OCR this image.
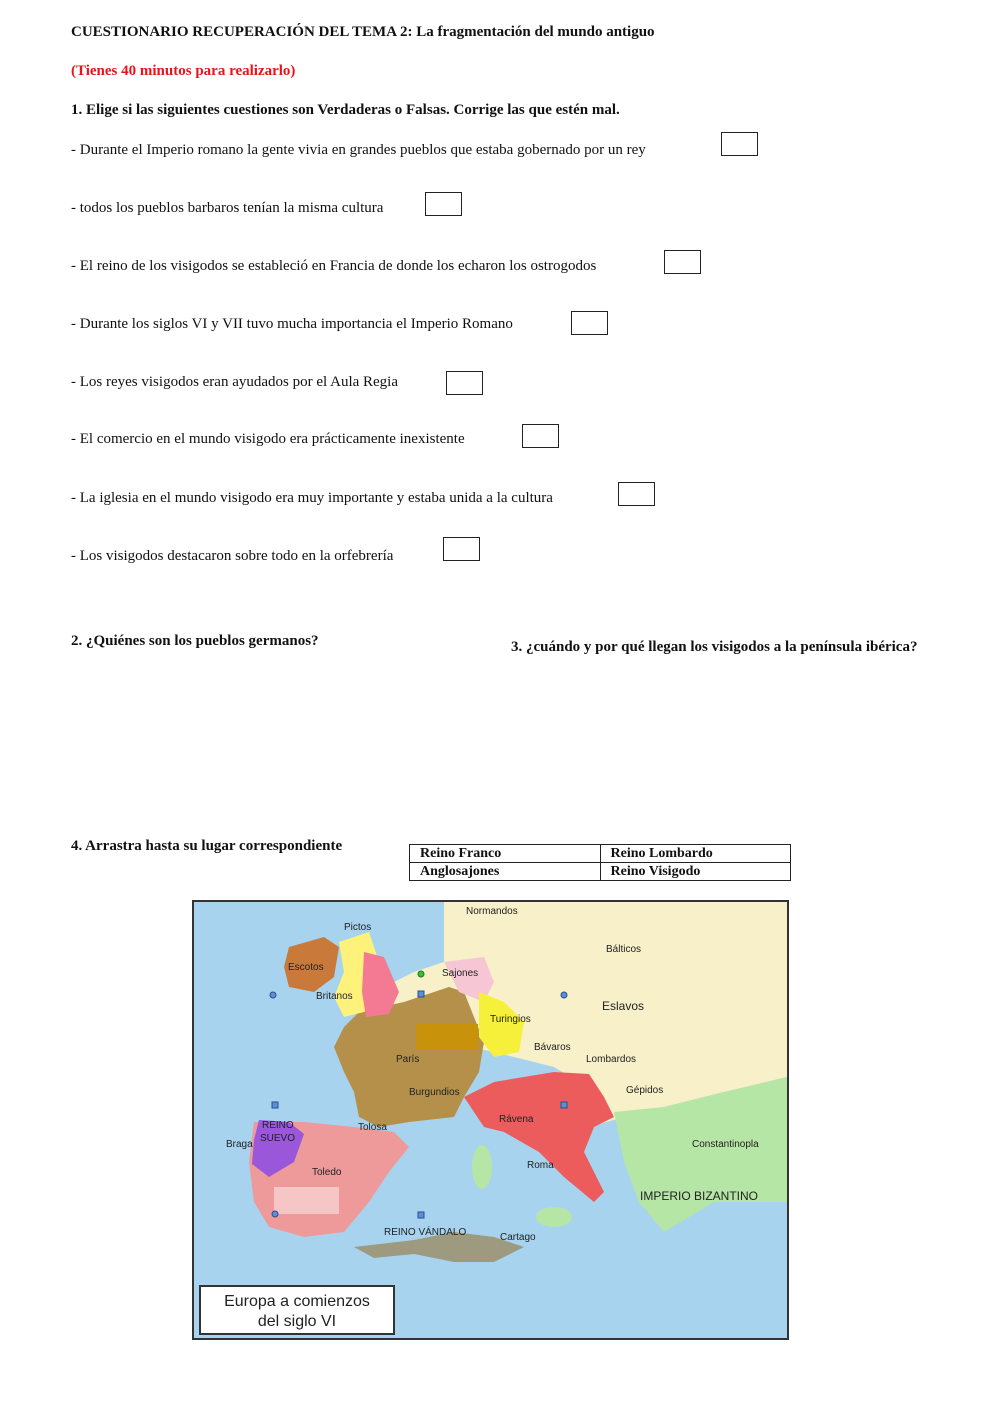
CUESTIONARIO RECUPERACIÓN DEL TEMA 2: La fragmentación del mundo antiguo
(Tienes 40 minutos para realizarlo)
1. Elige si las siguientes cuestiones son Verdaderas o Falsas. Corrige las que estén mal.
- Durante el Imperio romano la gente vivia en grandes pueblos que estaba gobernado por un rey
- todos los pueblos barbaros tenían la misma cultura
- El reino de los visigodos se estableció en Francia de donde los echaron los ostrogodos
- Durante los siglos VI y VII tuvo mucha importancia el Imperio Romano
- Los reyes visigodos eran ayudados por el Aula Regia
- El comercio en el mundo visigodo era prácticamente inexistente
- La iglesia en el mundo visigodo era muy importante y estaba unida a la cultura
- Los visigodos destacaron sobre todo en la orfebrería
2. ¿Quiénes son los pueblos germanos?	3. ¿cuándo y por qué llegan los visigodos a la península ibérica?
4. Arrastra hasta su lugar correspondiente	Reino Franco	Reino Lombardo
Anglosajones	Reino Visigodo
Normandos
Pictos
Escotos
Britanos
Sajones
Bálticos
Eslavos
Turingios
Bávaros
Lombardos
Gépidos
París
Burgundios
Tolosa
REINO
SUEVO
Braga
Toledo
Rávena
Roma
Constantinopla
IMPERIO BIZANTINO
REINO VÁNDALO	Cartago
Europa a comienzos
del siglo VI
